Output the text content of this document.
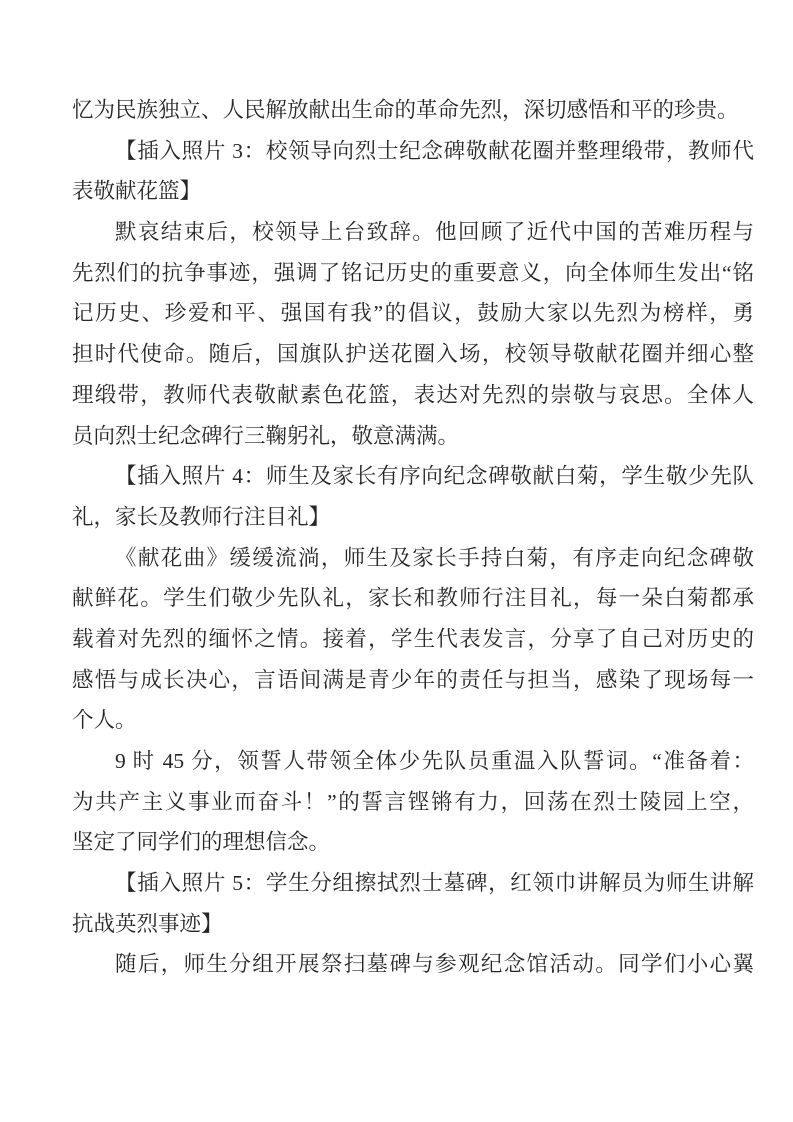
忆为民族独立、人民解放献出生命的革命先烈，深切感悟和平的珍贵。
【插入照片 3：校领导向烈士纪念碑敬献花圈并整理缎带，教师代
表敬献花篮】
默哀结束后，校领导上台致辞。他回顾了近代中国的苦难历程与
先烈们的抗争事迹，强调了铭记历史的重要意义，向全体师生发出“铭
记历史、珍爱和平、强国有我”的倡议，鼓励大家以先烈为榜样，勇
担时代使命。随后，国旗队护送花圈入场，校领导敬献花圈并细心整
理缎带，教师代表敬献素色花篮，表达对先烈的崇敬与哀思。全体人
员向烈士纪念碑行三鞠躬礼，敬意满满。
【插入照片 4：师生及家长有序向纪念碑敬献白菊，学生敬少先队
礼，家长及教师行注目礼】
《献花曲》缓缓流淌，师生及家长手持白菊，有序走向纪念碑敬
献鲜花。学生们敬少先队礼，家长和教师行注目礼，每一朵白菊都承
载着对先烈的缅怀之情。接着，学生代表发言，分享了自己对历史的
感悟与成长决心，言语间满是青少年的责任与担当，感染了现场每一
个人。
9 时 45 分，领誓人带领全体少先队员重温入队誓词。“准备着：
为共产主义事业而奋斗！”的誓言铿锵有力，回荡在烈士陵园上空，
坚定了同学们的理想信念。
【插入照片 5：学生分组擦拭烈士墓碑，红领巾讲解员为师生讲解
抗战英烈事迹】
随后，师生分组开展祭扫墓碑与参观纪念馆活动。同学们小心翼
